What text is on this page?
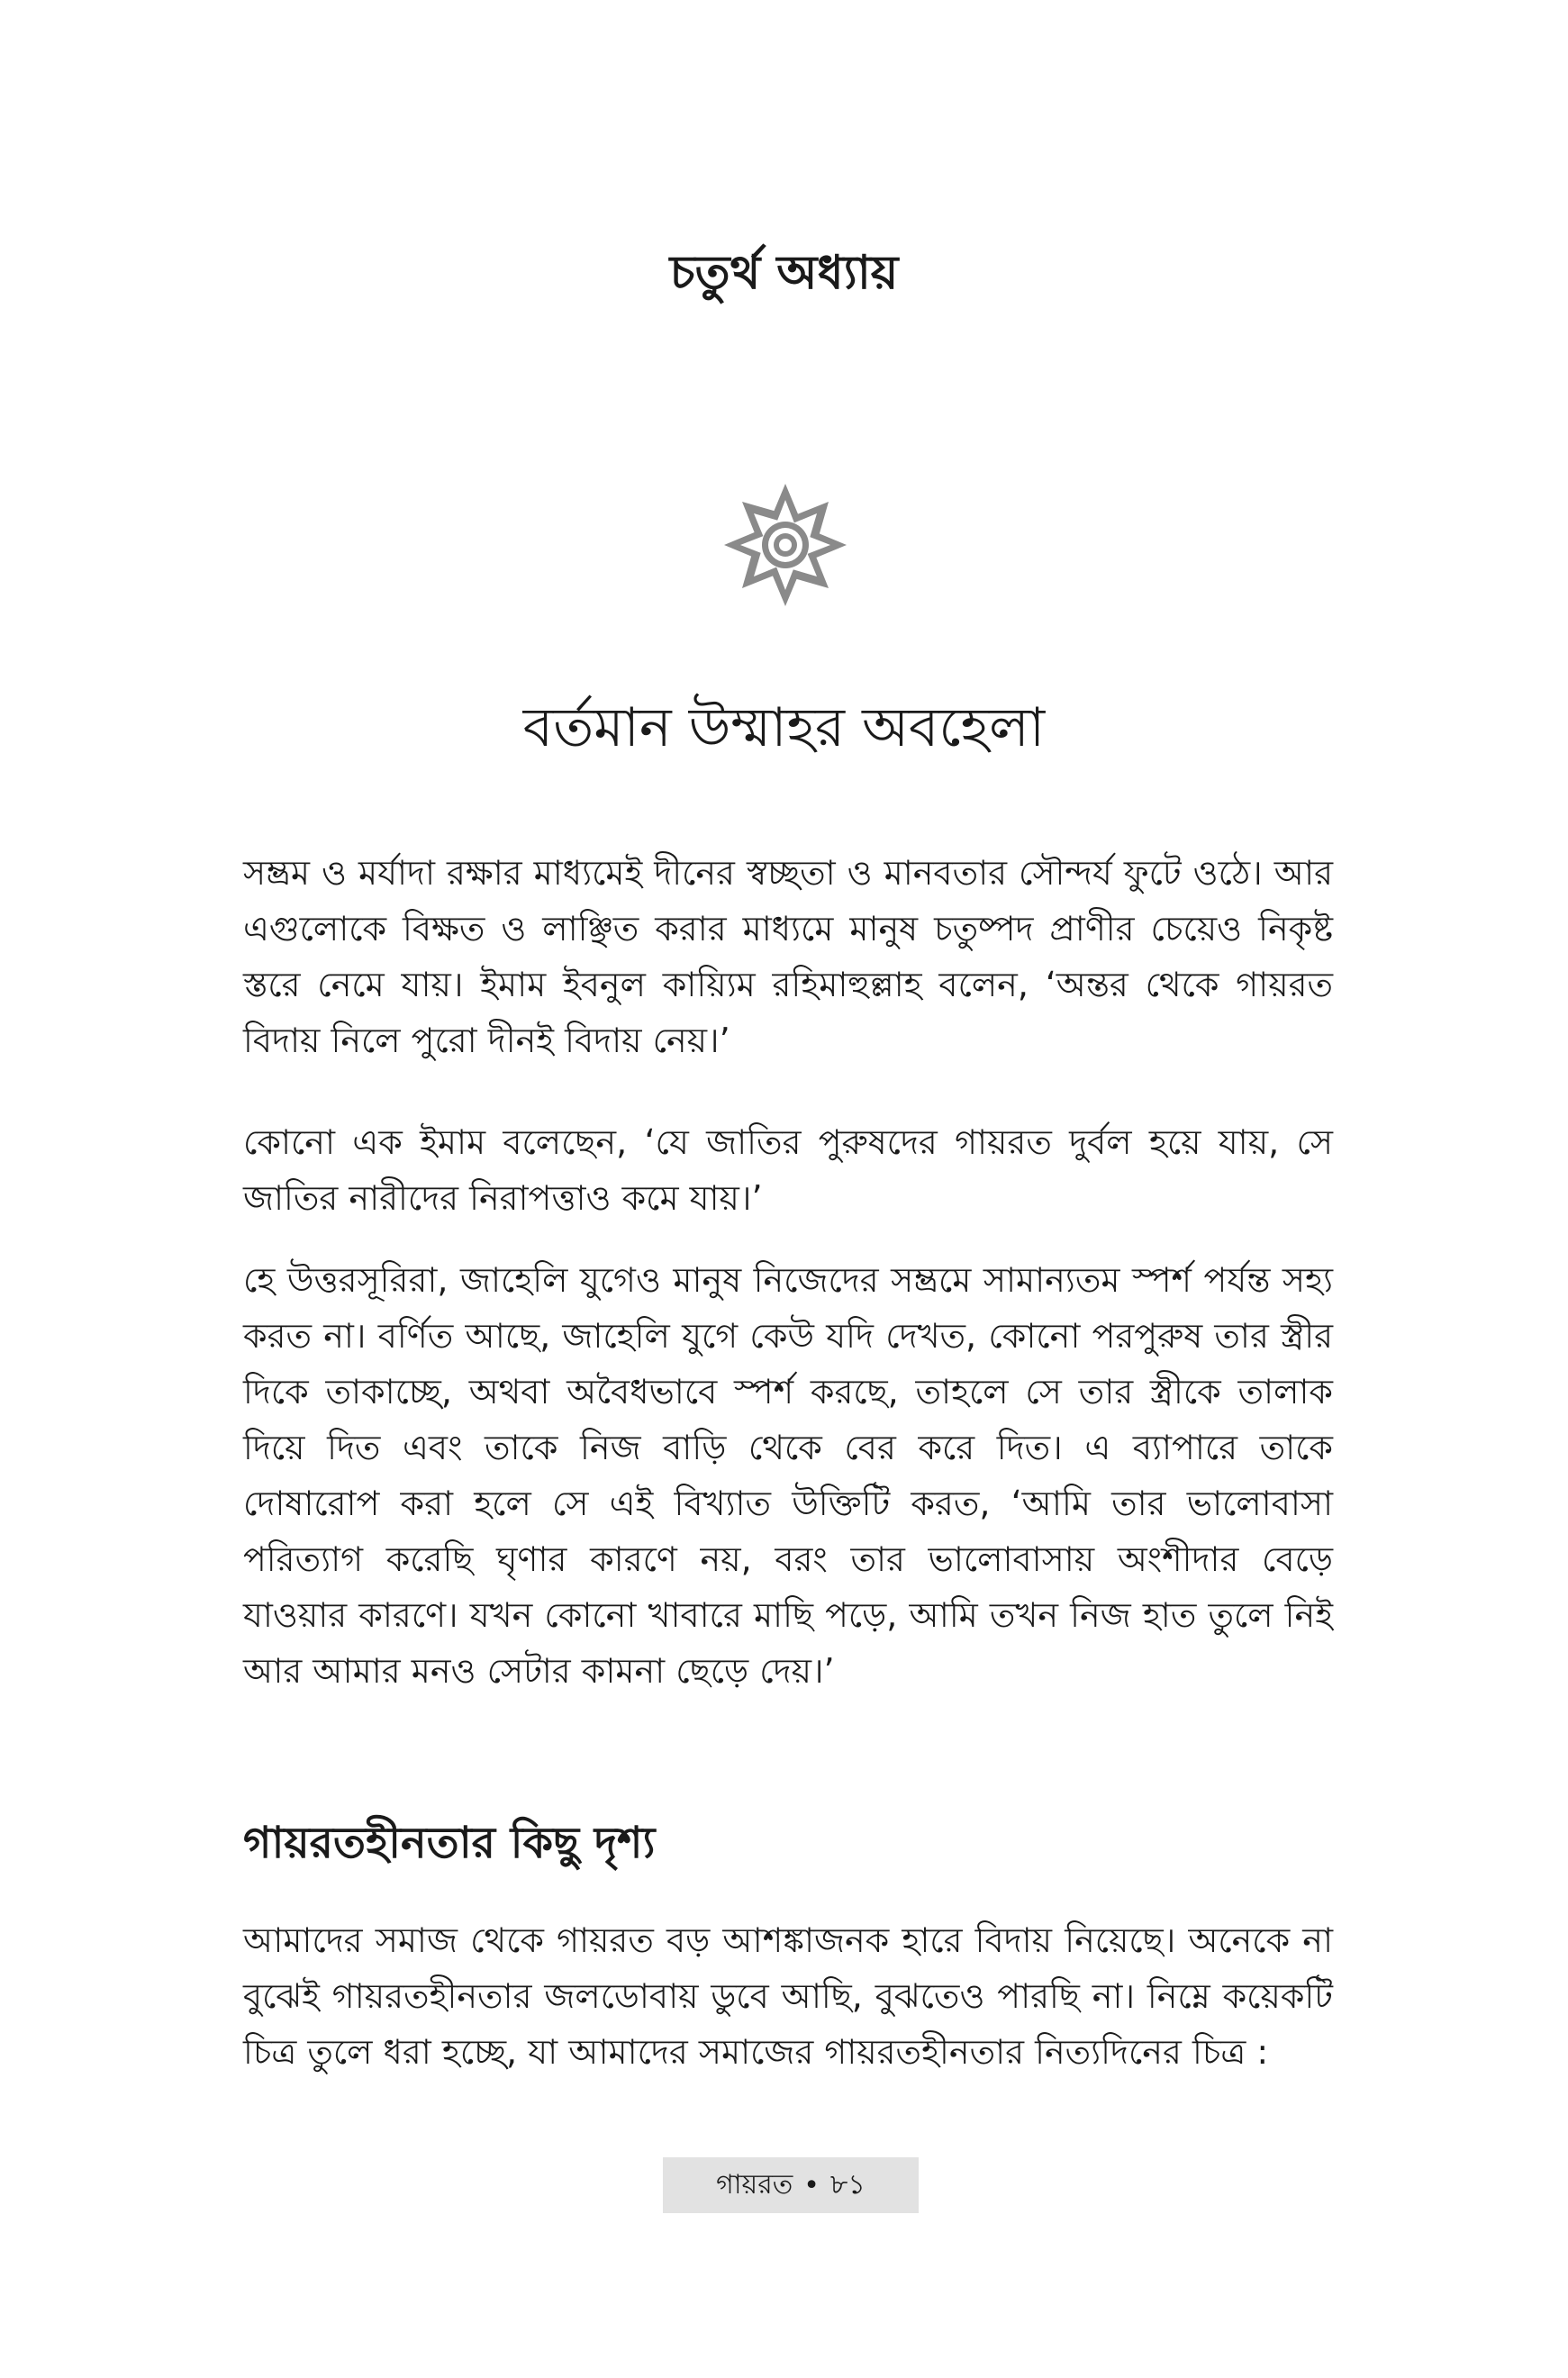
চতুর্থ অধ্যায়
বর্তমান উম্মাহর অবহেলা

সম্ভ্রম ও মর্যাদা রক্ষার মাধ্যমেই দীনের স্বচ্ছতা ও মানবতার সৌন্দর্য ফুটে ওঠে। আর এগুলোকে বিক্ষত ও লাঞ্ছিত করার মাধ্যমে মানুষ চতুষ্পদ প্রাণীর চেয়েও নিকৃষ্ট স্তরে নেমে যায়। ইমাম ইবনুল কায়্যিম রহিমাহুল্লাহ বলেন, ‘অন্তর থেকে গায়রত বিদায় নিলে পুরো দীনই বিদায় নেয়।’

কোনো এক ইমাম বলেছেন, ‘যে জাতির পুরুষদের গায়রত দুর্বল হয়ে যায়, সে জাতির নারীদের নিরাপত্তাও কমে যায়।’

হে উত্তরসূরিরা, জাহেলি যুগেও মানুষ নিজেদের সম্ভ্রমে সামান্যতম স্পর্শ পর্যন্ত সহ্য করত না। বর্ণিত আছে, জাহেলি যুগে কেউ যদি দেখত, কোনো পরপুরুষ তার স্ত্রীর দিকে তাকাচ্ছে, অথবা অবৈধভাবে স্পর্শ করছে, তাহলে সে তার স্ত্রীকে তালাক দিয়ে দিত এবং তাকে নিজ বাড়ি থেকে বের করে দিত। এ ব্যাপারে তাকে দোষারোপ করা হলে সে এই বিখ্যাত উক্তিটি করত, ‘আমি তার ভালোবাসা পরিত্যাগ করেছি ঘৃণার কারণে নয়, বরং তার ভালোবাসায় অংশীদার বেড়ে যাওয়ার কারণে। যখন কোনো খাবারে মাছি পড়ে, আমি তখন নিজ হাত তুলে নিই আর আমার মনও সেটার কামনা ছেড়ে দেয়।’

গায়রতহীনতার কিছু দৃশ্য

আমাদের সমাজ থেকে গায়রত বড় আশঙ্কাজনক হারে বিদায় নিয়েছে। অনেকে না বুঝেই গায়রতহীনতার জলডোবায় ডুবে আছি, বুঝতেও পারছি না। নিম্নে কয়েকটি চিত্র তুলে ধরা হচ্ছে, যা আমাদের সমাজের গায়রতহীনতার নিত্যদিনের চিত্র :

গায়রত • ৮১
